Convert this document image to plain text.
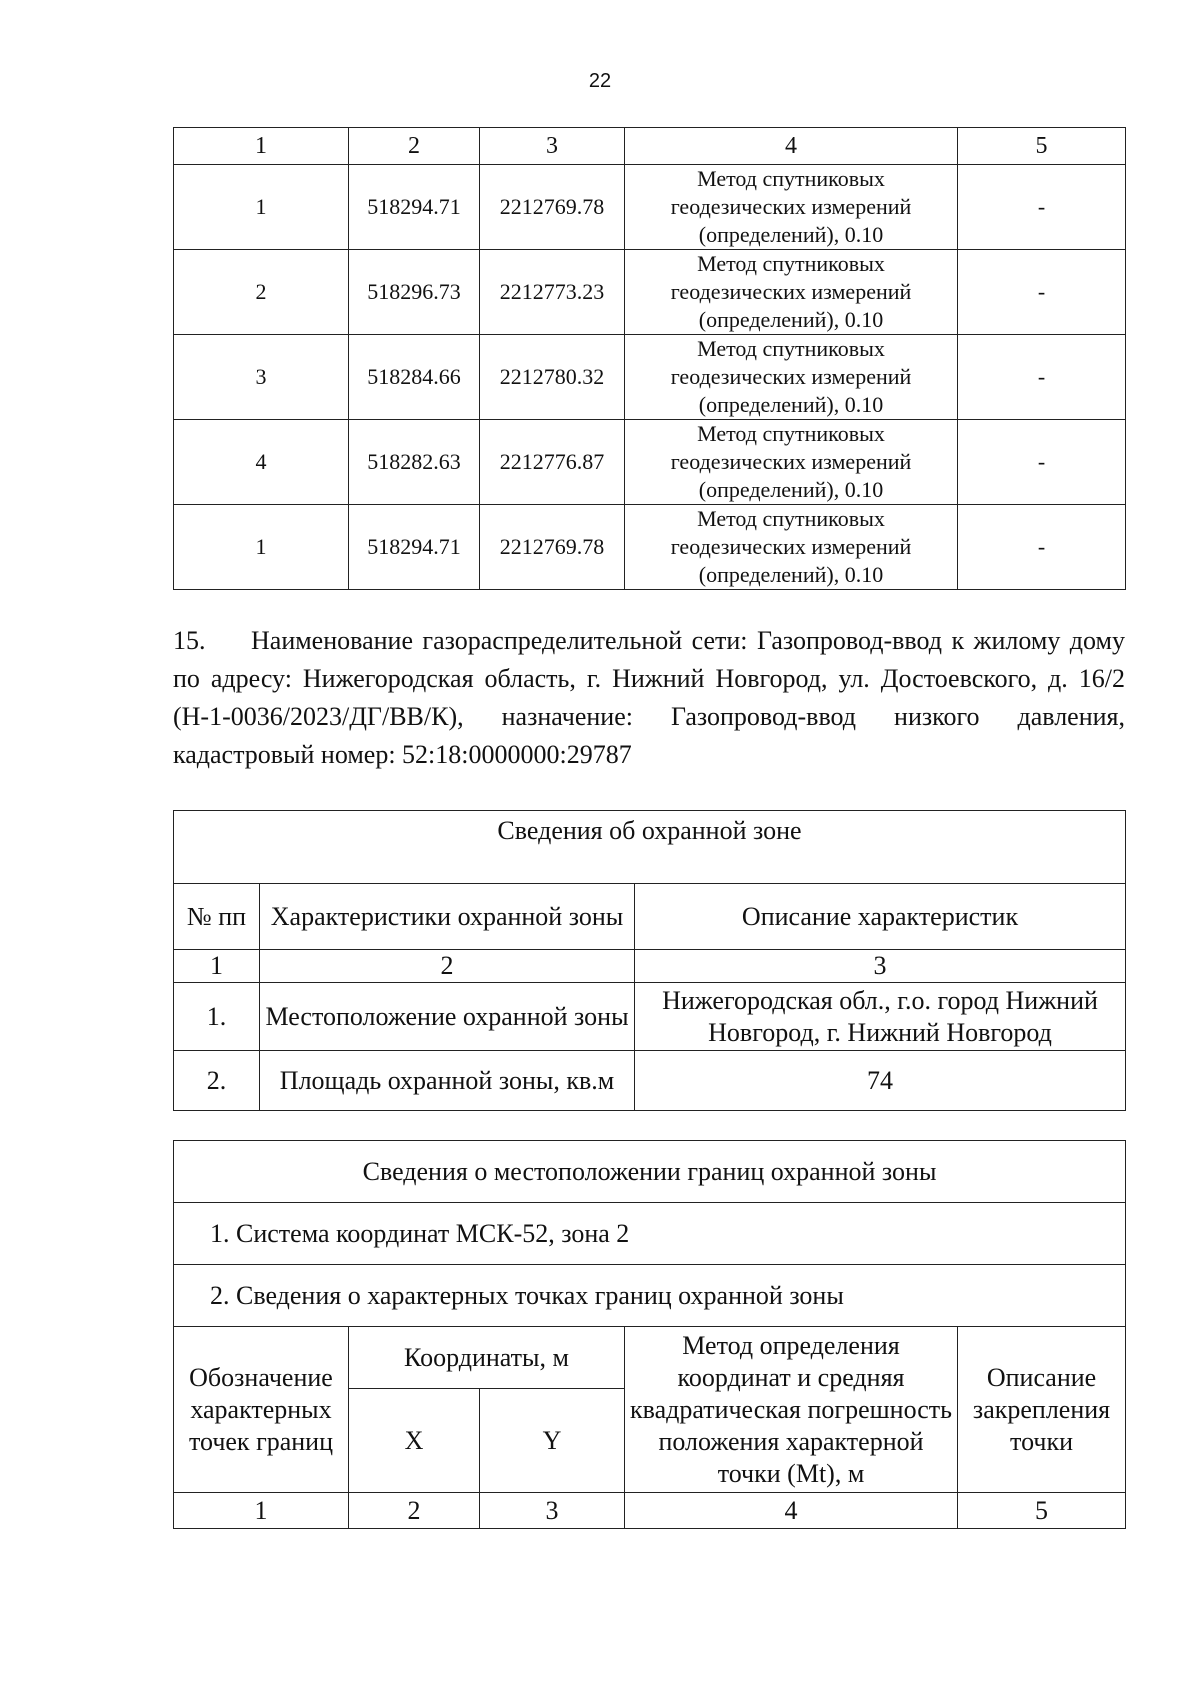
22
1	2	3	4	5
1	518294.71	2212769.78	Метод спутниковых
геодезических измерений
(определений), 0.10	-
2	518296.73	2212773.23	Метод спутниковых
геодезических измерений
(определений), 0.10	-
3	518284.66	2212780.32	Метод спутниковых
геодезических измерений
(определений), 0.10	-
4	518282.63	2212776.87	Метод спутниковых
геодезических измерений
(определений), 0.10	-
1	518294.71	2212769.78	Метод спутниковых
геодезических измерений
(определений), 0.10	-
15. Наименование газораспределительной сети: Газопровод-ввод к жилому дому по адресу: Нижегородская область, г. Нижний Новгород, ул. Достоевского, д. 16/2 (Н-1-0036/2023/ДГ/ВВ/К), назначение: Газопровод-ввод низкого давления, кадастровый номер: 52:18:0000000:29787
Сведения об охранной зоне		
№ пп	Характеристики охранной зоны	Описание характеристик
1	2	3
1.	Местоположение охранной зоны	Нижегородская обл., г.о. город Нижний Новгород, г. Нижний Новгород
2.	Площадь охранной зоны, кв.м	74
Сведения о местоположении границ охранной зоны				
1. Система координат МСК-52, зона 2				
2. Сведения о характерных точках границ охранной зоны				
Обозначение характерных точек границ	Координаты, м		Метод определения координат и средняя квадратическая погрешность положения характерной точки (Mt), м	Описание закрепления точки
	X	Y		
1	2	3	4	5
